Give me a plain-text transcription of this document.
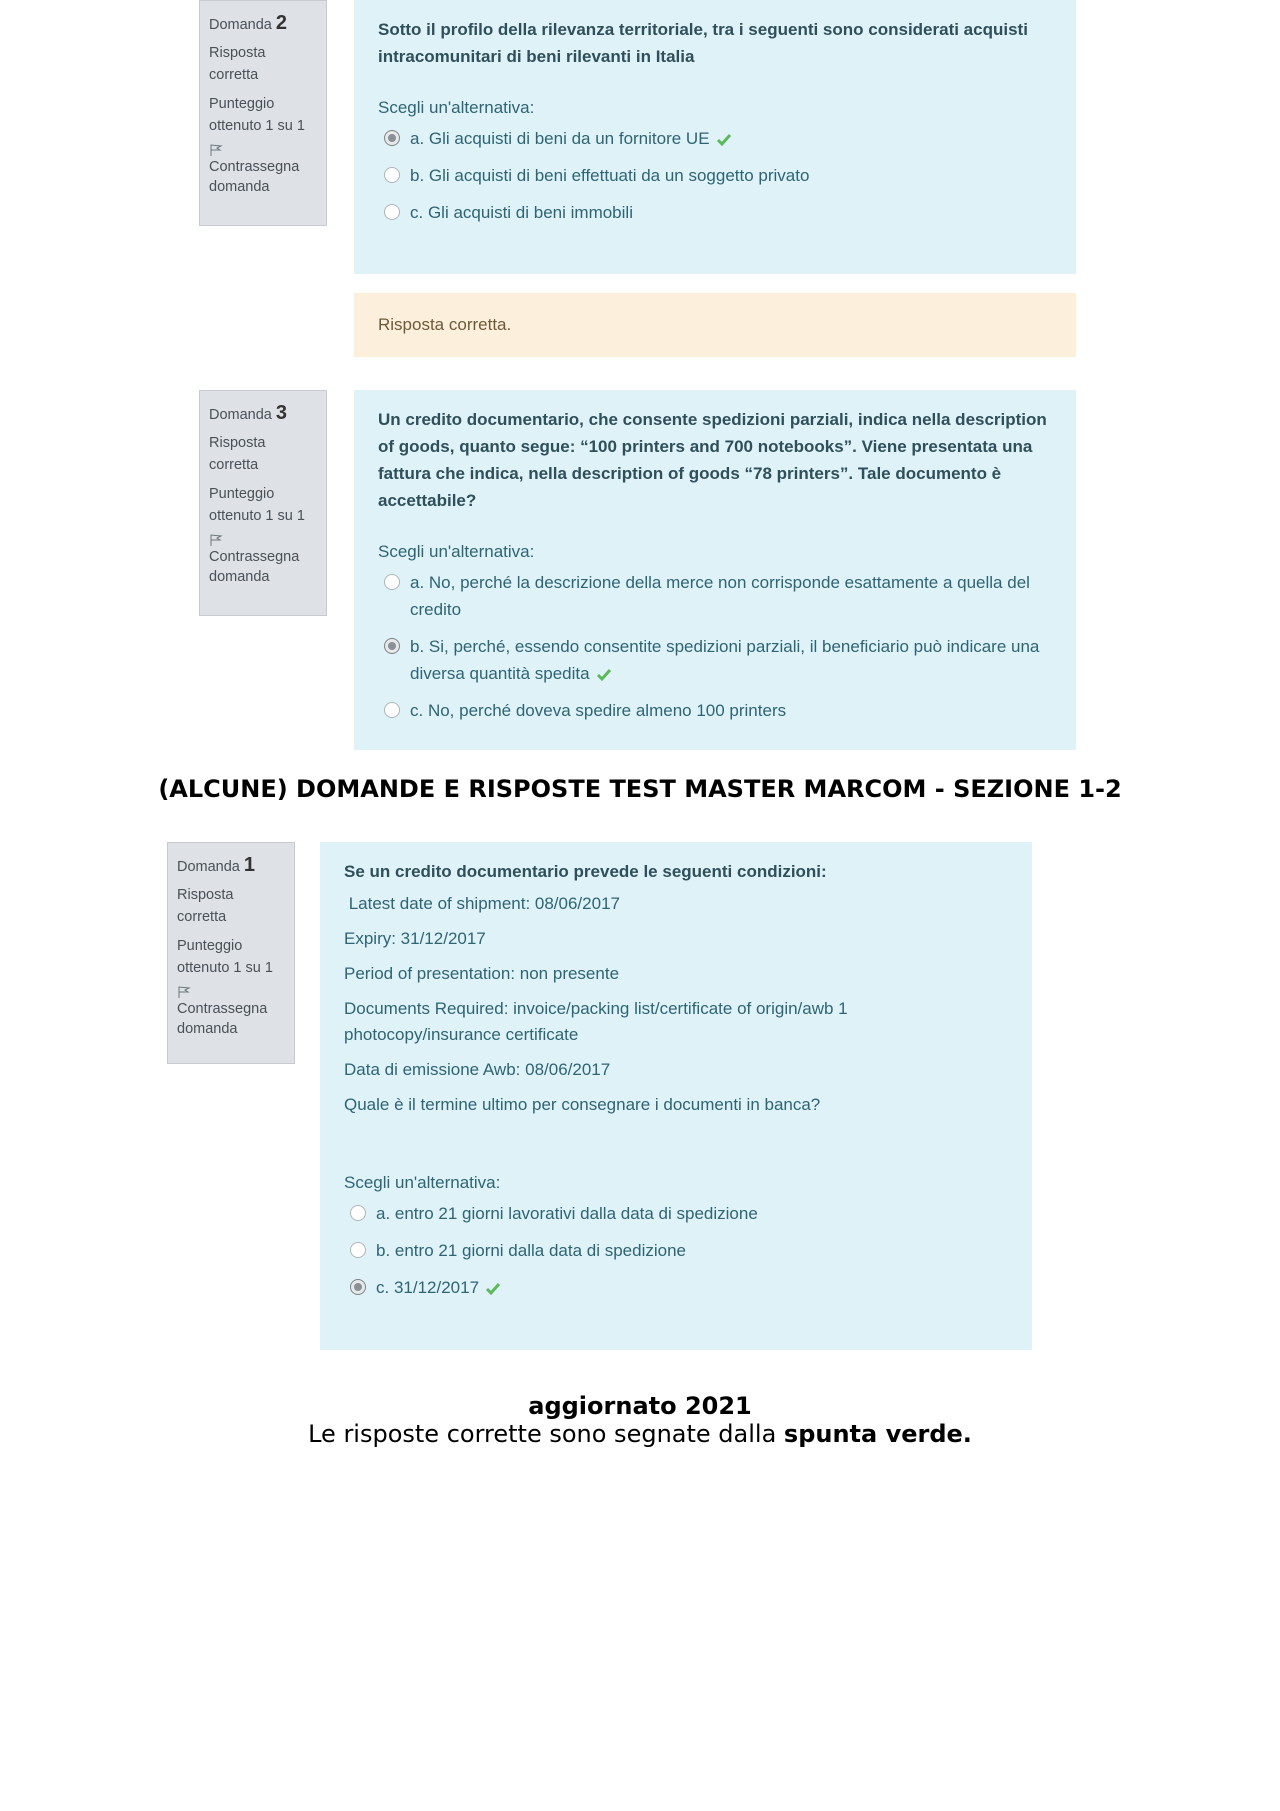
Domanda 2
Risposta corretta
Punteggio ottenuto 1 su 1
Contrassegna domanda
Sotto il profilo della rilevanza territoriale, tra i seguenti sono considerati acquisti intracomunitari di beni rilevanti in Italia
Scegli un'alternativa:
a. Gli acquisti di beni da un fornitore UE
b. Gli acquisti di beni effettuati da un soggetto privato
c. Gli acquisti di beni immobili
Risposta corretta.
Domanda 3
Risposta corretta
Punteggio ottenuto 1 su 1
Contrassegna domanda
Un credito documentario, che consente spedizioni parziali, indica nella description of goods, quanto segue: “100 printers and 700 notebooks”. Viene presentata una fattura che indica, nella description of goods “78 printers”. Tale documento è accettabile?
Scegli un'alternativa:
a. No, perché la descrizione della merce non corrisponde esattamente a quella del credito
b. Si, perché, essendo consentite spedizioni parziali, il beneficiario può indicare una diversa quantità spedita
c. No, perché doveva spedire almeno 100 printers
(ALCUNE) DOMANDE E RISPOSTE TEST MASTER MARCOM - SEZIONE 1-2
Domanda 1
Risposta corretta
Punteggio ottenuto 1 su 1
Contrassegna domanda
Se un credito documentario prevede le seguenti condizioni:
Latest date of shipment: 08/06/2017
Expiry: 31/12/2017
Period of presentation: non presente
Documents Required: invoice/packing list/certificate of origin/awb 1 photocopy/insurance certificate
Data di emissione Awb: 08/06/2017
Quale è il termine ultimo per consegnare i documenti in banca?
Scegli un'alternativa:
a. entro 21 giorni lavorativi dalla data di spedizione
b. entro 21 giorni dalla data di spedizione
c. 31/12/2017
aggiornato 2021
Le risposte corrette sono segnate dalla spunta verde.
